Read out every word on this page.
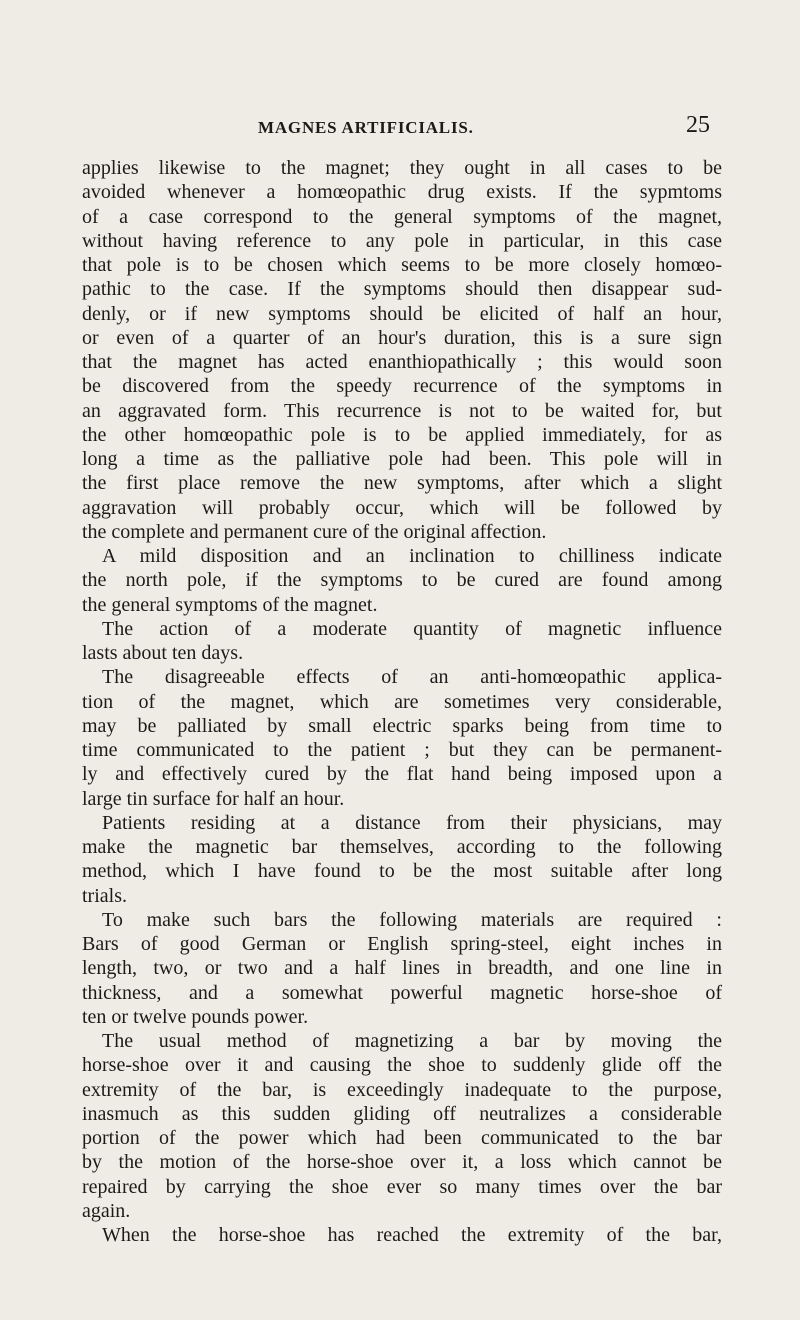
MAGNES ARTIFICIALIS.	25
applies likewise to the magnet; they ought in all cases to be
avoided whenever a homœopathic drug exists. If the sypmtoms
of a case correspond to the general symptoms of the magnet,
without having reference to any pole in particular, in this case
that pole is to be chosen which seems to be more closely homœo-
pathic to the case. If the symptoms should then disappear sud-
denly, or if new symptoms should be elicited of half an hour,
or even of a quarter of an hour's duration, this is a sure sign
that the magnet has acted enanthiopathically ; this would soon
be discovered from the speedy recurrence of the symptoms in
an aggravated form. This recurrence is not to be waited for, but
the other homœopathic pole is to be applied immediately, for as
long a time as the palliative pole had been. This pole will in
the first place remove the new symptoms, after which a slight
aggravation will probably occur, which will be followed by
the complete and permanent cure of the original affection.
A mild disposition and an inclination to chilliness indicate
the north pole, if the symptoms to be cured are found among
the general symptoms of the magnet.
The action of a moderate quantity of magnetic influence
lasts about ten days.
The disagreeable effects of an anti-homœopathic applica-
tion of the magnet, which are sometimes very considerable,
may be palliated by small electric sparks being from time to
time communicated to the patient ; but they can be permanent-
ly and effectively cured by the flat hand being imposed upon a
large tin surface for half an hour.
Patients residing at a distance from their physicians, may
make the magnetic bar themselves, according to the following
method, which I have found to be the most suitable after long
trials.
To make such bars the following materials are required :
Bars of good German or English spring-steel, eight inches in
length, two, or two and a half lines in breadth, and one line in
thickness, and a somewhat powerful magnetic horse-shoe of
ten or twelve pounds power.
The usual method of magnetizing a bar by moving the
horse-shoe over it and causing the shoe to suddenly glide off the
extremity of the bar, is exceedingly inadequate to the purpose,
inasmuch as this sudden gliding off neutralizes a considerable
portion of the power which had been communicated to the bar
by the motion of the horse-shoe over it, a loss which cannot be
repaired by carrying the shoe ever so many times over the bar
again.
When the horse-shoe has reached the extremity of the bar,
